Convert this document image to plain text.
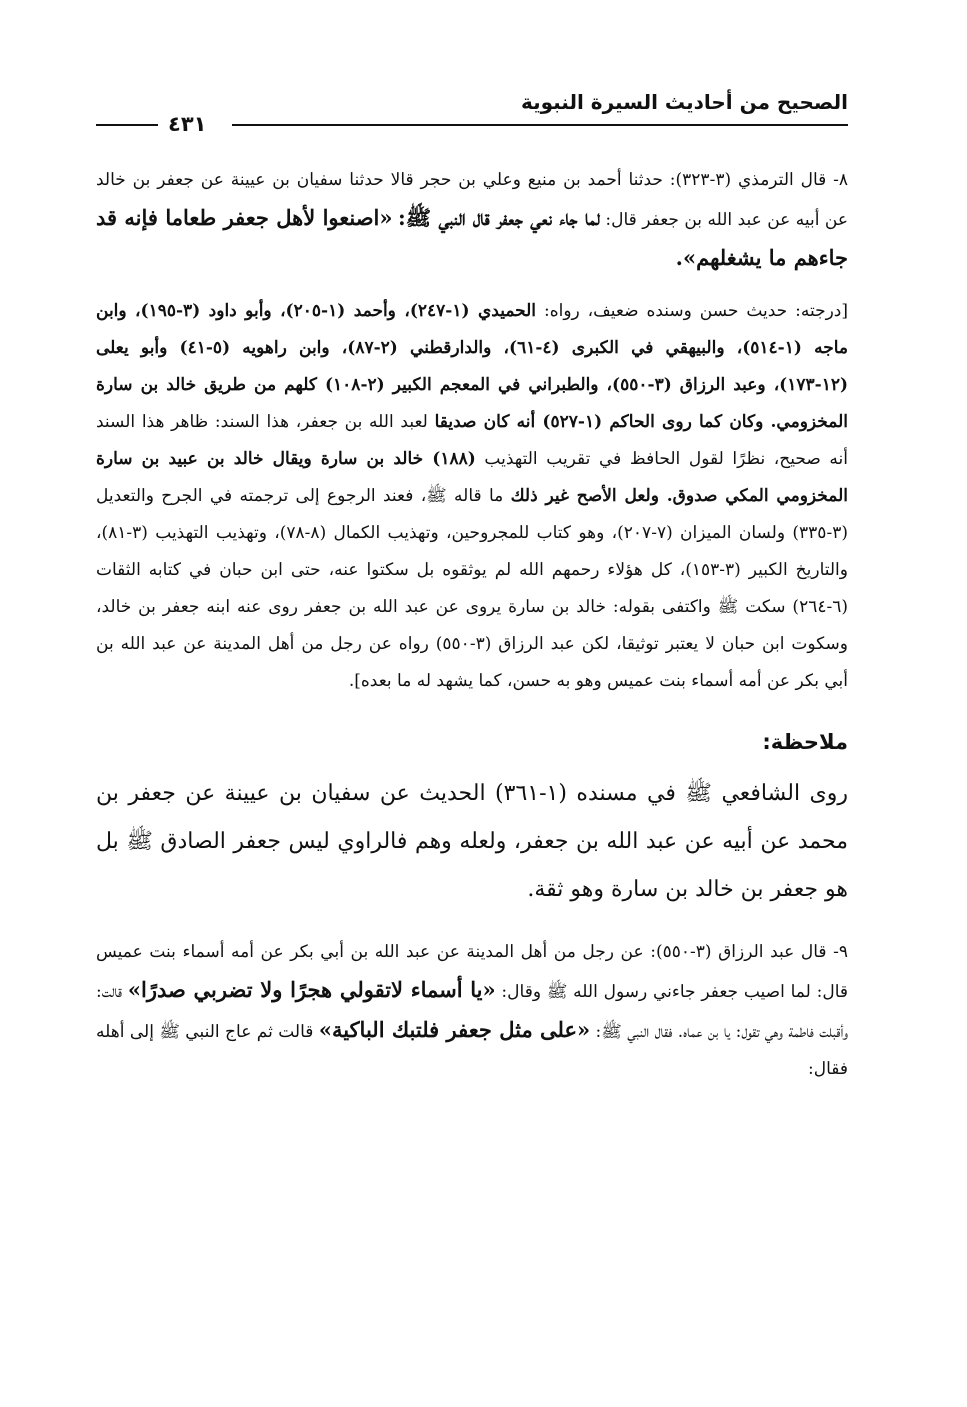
الصحيح من أحاديث السيرة النبوية
٤٣١

٨- قال الترمذي (٣-٣٢٣): حدثنا أحمد بن منيع وعلي بن حجر قالا حدثنا سفيان بن عيينة عن جعفر بن خالد عن أبيه عن عبد الله بن جعفر قال: لما جاء نعي جعفر قال النبي ﷺ: «اصنعوا لأهل جعفر طعاما فإنه قد جاءهم ما يشغلهم».

[درجته: حديث حسن وسنده ضعيف، رواه: الحميدي (١-٢٤٧)، وأحمد (١-٢٠٥)، وأبو داود (٣-١٩٥)، وابن ماجه (١-٥١٤)، والبيهقي في الكبرى (٤-٦١)، والدارقطني (٢-٨٧)، وابن راهويه (٥-٤١) وأبو يعلى (١٢-١٧٣)، وعبد الرزاق (٣-٥٥٠)، والطبراني في المعجم الكبير (٢-١٠٨) كلهم من طريق خالد بن سارة المخزومي. وكان كما روى الحاكم (١-٥٢٧) أنه كان صديقا لعبد الله بن جعفر، هذا السند: ظاهر هذا السند أنه صحيح، نظرًا لقول الحافظ في تقريب التهذيب (١٨٨) خالد بن سارة ويقال خالد بن عبيد بن سارة المخزومي المكي صدوق. ولعل الأصح غير ذلك ما قاله ﷺ، فعند الرجوع إلى ترجمته في الجرح والتعديل (٣-٣٣٥) ولسان الميزان (٧-٢٠٧)، وهو كتاب للمجروحين، وتهذيب الكمال (٨-٧٨)، وتهذيب التهذيب (٣-٨١)، والتاريخ الكبير (٣-١٥٣)، كل هؤلاء رحمهم الله لم يوثقوه بل سكتوا عنه، حتى ابن حبان في كتابه الثقات (٦-٢٦٤) سكت ﷺ واكتفى بقوله: خالد بن سارة يروى عن عبد الله بن جعفر روى عنه ابنه جعفر بن خالد، وسكوت ابن حبان لا يعتبر توثيقا، لكن عبد الرزاق (٣-٥٥٠) رواه عن رجل من أهل المدينة عن عبد الله بن أبي بكر عن أمه أسماء بنت عميس وهو به حسن، كما يشهد له ما بعده].

ملاحظة:

روى الشافعي ﷺ في مسنده (١-٣٦١) الحديث عن سفيان بن عيينة عن جعفر بن محمد عن أبيه عن عبد الله بن جعفر، ولعله وهم فالراوي ليس جعفر الصادق ﷺ بل هو جعفر بن خالد بن سارة وهو ثقة.

٩- قال عبد الرزاق (٣-٥٥٠): عن رجل من أهل المدينة عن عبد الله بن أبي بكر عن أمه أسماء بنت عميس قال: لما اصيب جعفر جاءني رسول الله ﷺ وقال: «يا أسماء لاتقولي هجرًا ولا تضربي صدرًا» قالت: وأقبلت فاطمة وهي تقول: يا بن عماه. فقال النبي ﷺ: «على مثل جعفر فلتبك الباكية» قالت ثم عاج النبي ﷺ إلى أهله فقال:
